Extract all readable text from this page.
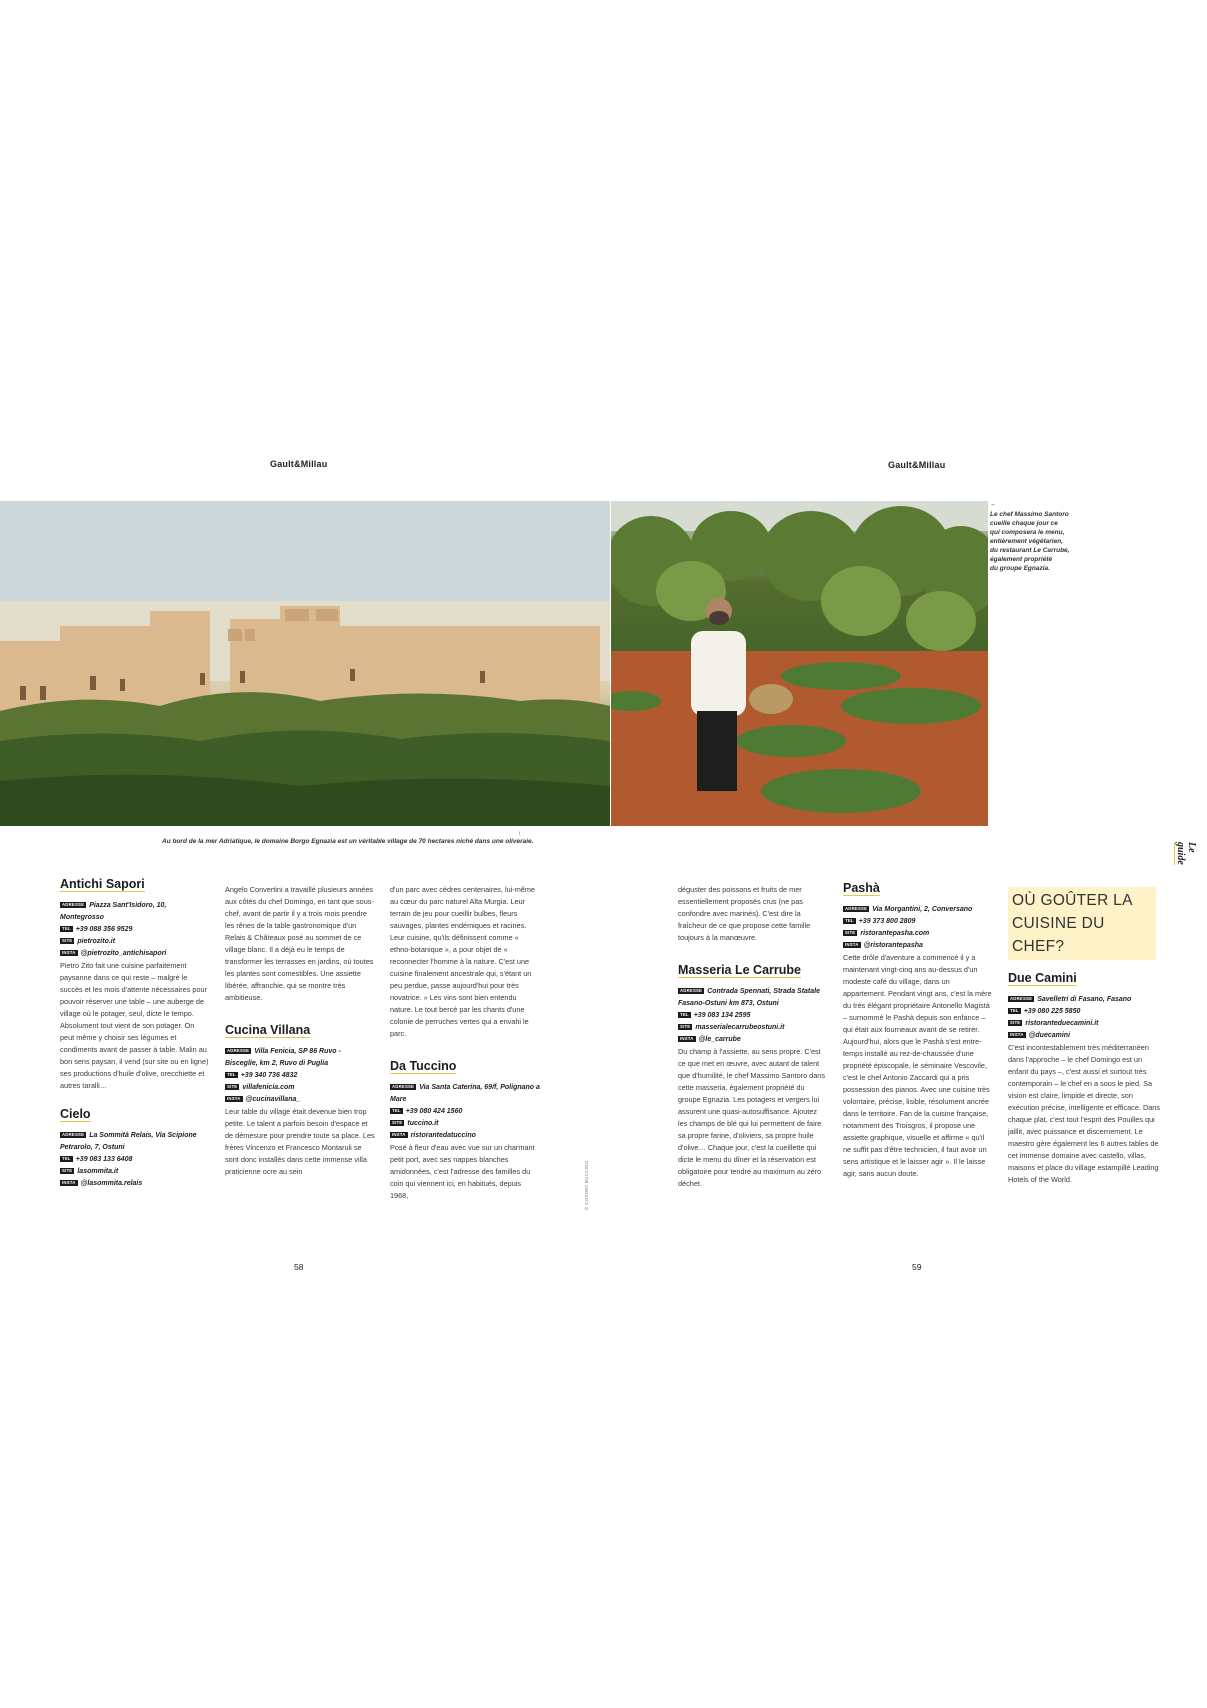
Gault&Millau	Gault&Millau
↑
Au bord de la mer Adriatique, le domaine Borgo Egnazia est un véritable village de 70 hectares niché dans une oliveraie.
←
Le chef Massimo Santoro
cueille chaque jour ce
qui composera le menu,
entièrement végétarien,
du restaurant Le Carrube,
également propriété
du groupe Egnazia.
Le guide
Antichi Sapori

ADRESSE Piazza Sant'Isidoro, 10, Montegrosso

TEL +39 088 356 9529

SITE pietrozito.it

INSTA @pietrozito_antichisapori

Pietro Zito fait une cuisine parfaitement paysanne dans ce qui reste – malgré le succès et les mois d'attente nécessaires pour pouvoir réserver une table – une auberge de village où le potager, seul, dicte le tempo. Absolument tout vient de son potager. On peut même y choisir ses légumes et condiments avant de passer à table. Malin au bon sens paysan, il vend (sur site ou en ligne) ses productions d'huile d'olive, orecchiette et autres taralli…

Cielo

ADRESSE La Sommità Relais, Via Scipione Petrarolo, 7, Ostuni

TEL +39 083 133 6408

SITE lasommita.it

INSTA @lasommita.relais

Angelo Convertini a travaillé plusieurs années aux côtés du chef Domingo, en tant que sous-chef, avant de partir il y a trois mois prendre les rênes de la table gastronomique d'un Relais & Châteaux posé au sommet de ce village blanc. Il a déjà eu le temps de transformer les terrasses en jardins, où toutes les plantes sont comestibles. Une assiette libérée, affranchie, qui se montre très ambitieuse.

Cucina Villana

ADRESSE Villa Fenicia, SP 86 Ruvo - Bisceglie, km 2, Ruvo di Puglia

TEL +39 340 736 4832

SITE villafenicia.com

INSTA @cucinavillana_

Leur table du village était devenue bien trop petite. Le talent a parfois besoin d'espace et de démesure pour prendre toute sa place. Les frères Vincenzo et Francesco Montaruli se sont donc installés dans cette immense villa praticienne ocre au sein

d'un parc avec cèdres centenaires, lui-même au cœur du parc naturel Alta Murgia. Leur terrain de jeu pour cueillir bulbes, fleurs sauvages, plantes endémiques et racines. Leur cuisine, qu'ils définissent comme « ethno-botanique », a pour objet de « reconnecter l'homme à la nature. C'est une cuisine finalement ancestrale qui, s'étant un peu perdue, passe aujourd'hui pour très novatrice. » Les vins sont bien entendu nature. Le tout bercé par les chants d'une colonie de perruches vertes qui a envahi le parc.

Da Tuccino

ADRESSE Via Santa Caterina, 69/f, Polignano a Mare

TEL +39 080 424 1560

SITE tuccino.it

INSTA ristorantedatuccino

Posé à fleur d'eau avec vue sur un charmant petit port, avec ses nappes blanches amidonnées, c'est l'adresse des familles du coin qui viennent ici, en habitués, depuis 1968,	© COSIMO BUCCINO

déguster des poissons et fruits de mer essentiellement proposés crus (ne pas confondre avec marinés). C'est dire la fraîcheur de ce que propose cette famille toujours à la manœuvre.

Masseria Le Carrube

ADRESSE Contrada Spennati, Strada Statale Fasano-Ostuni km 873, Ostuni

TEL +39 083 134 2595

SITE masserialecarrubeostuni.it

INSTA @le_carrube

Du champ à l'assiette, au sens propre. C'est ce que met en œuvre, avec autant de talent que d'humilité, le chef Massimo Santoro dans cette masseria, également propriété du groupe Egnazia. Les potagers et vergers lui assurent une quasi-autosuffisance. Ajoutez les champs de blé qui lui permettent de faire sa propre farine, d'oliviers, sa propre huile d'olive… Chaque jour, c'est la cueillette qui dicte le menu du dîner et la réservation est obligatoire pour tendre au maximum au zéro déchet.

Pashà

ADRESSE Via Morgantini, 2, Conversano

TEL +39 373 800 2809

SITE ristorantepasha.com

INSTA @ristorantepasha

Cette drôle d'aventure a commencé il y a maintenant vingt-cinq ans au-dessus d'un modeste café du village, dans un appartement. Pendant vingt ans, c'est la mère du très élégant propriétaire Antonello Magistà – surnommé le Pashà depuis son enfance – qui était aux fourneaux avant de se retirer. Aujourd'hui, alors que le Pashà s'est entre-temps installé au rez-de-chaussée d'une propriété épiscopale, le séminaire Vescovile, c'est le chef Antonio Zaccardi qui a pris possession des pianos. Avec une cuisine très volontaire, précise, lisible, résolument ancrée dans le territoire. Fan de la cuisine française, notamment des Troisgros, il propose une assiette graphique, visuelle et affirme « qu'il ne suffit pas d'être technicien, il faut avoir un sens artistique et le laisser agir ». Il le laisse agir, sans aucun doute.

OÙ GOÛTER LA CUISINE DU CHEF?
Due Camini

ADRESSE Savelletri di Fasano, Fasano

TEL +39 080 225 5850

SITE ristoranteduecamini.it

INSTA @duecamini

C'est incontestablement très méditerranéen dans l'approche – le chef Domingo est un enfant du pays –, c'est aussi et surtout très contemporain – le chef en a sous le pied. Sa vision est claire, limpide et directe, son exécution précise, intelligente et efficace. Dans chaque plat, c'est tout l'esprit des Pouilles qui jaillit, avec puissance et discernement. Le maestro gère également les 6 autres tables de cet immense domaine avec castello, villas, maisons et place du village estampillé Leading Hotels of the World.

58	59
